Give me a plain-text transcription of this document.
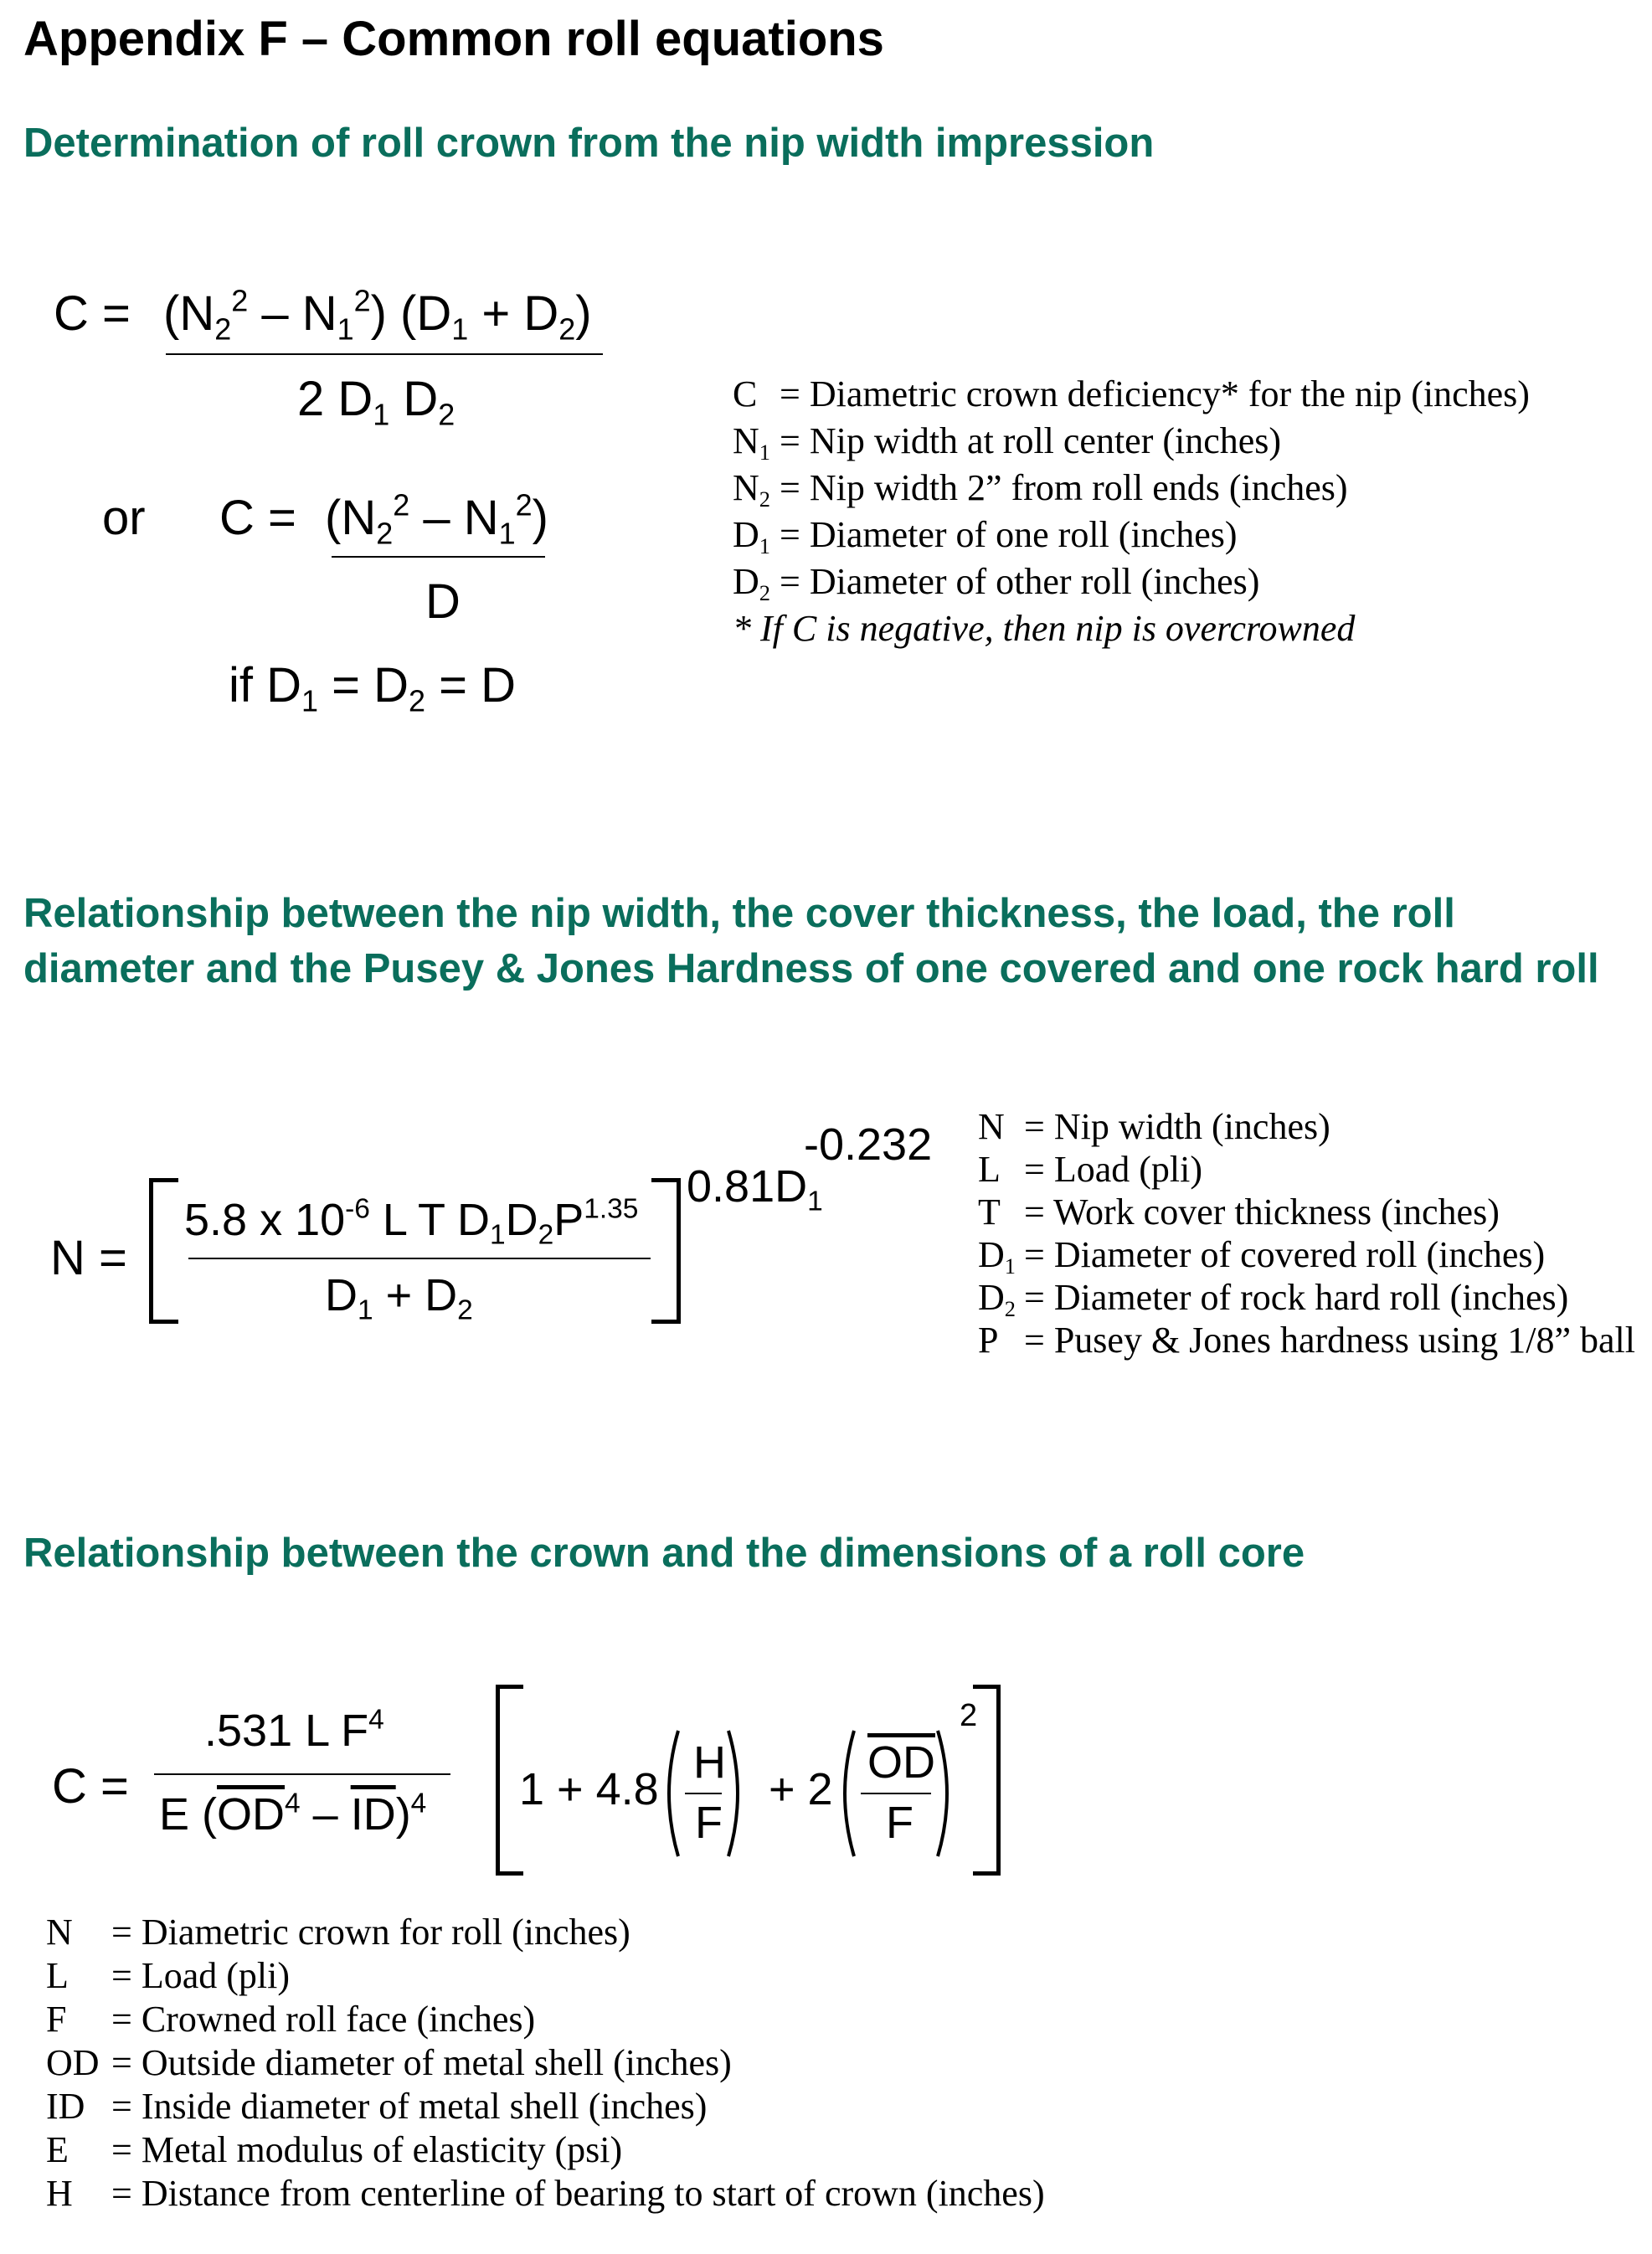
Appendix F – Common roll equations
Determination of roll crown from the nip width impression
$C = (N_2^2 - N_1^2) (D_1 + D_2)$
2 $D_1$ $D_2$
or $C = (N_2^2 - N_1^2)$
D
if $D_1 = D_2 = D$
C = Diametric crown deficiency* for the nip (inches)
$N_1$ = Nip width at roll center (inches)
$N_2$ = Nip width 2” from roll ends (inches)
$D_1$ = Diameter of one roll (inches)
$D_2$ = Diameter of other roll (inches)
* If C is negative, then nip is overcrowned
Relationship between the nip width, the cover thickness, the load, the roll
diameter and the Pusey & Jones Hardness of one covered and one rock hard roll
N =
5.8 x $10^{-6}$ L T $D_1D_2P^{1.35}$
$D_1 + D_2$
$0.81D_1$
-0.232 N = Nip width (inches)
L = Load (pli)
T = Work cover thickness (inches)
$D_1$ = Diameter of covered roll (inches)
$D_2$ = Diameter of rock hard roll (inches)
P = Pusey & Jones hardness using 1/8” ball
Relationship between the crown and the dimensions of a roll core
C =
.531 L $F^4$
E $(\overline{OD}^4 - \overline{ID})^4$ 1 + 4.8
H
F
+ 2
$\overline{OD}$
F
2
N = Diametric crown for roll (inches)
L = Load (pli)
F = Crowned roll face (inches)
OD = Outside diameter of metal shell (inches)
ID = Inside diameter of metal shell (inches)
E = Metal modulus of elasticity (psi)
H = Distance from centerline of bearing to start of crown (inches)
